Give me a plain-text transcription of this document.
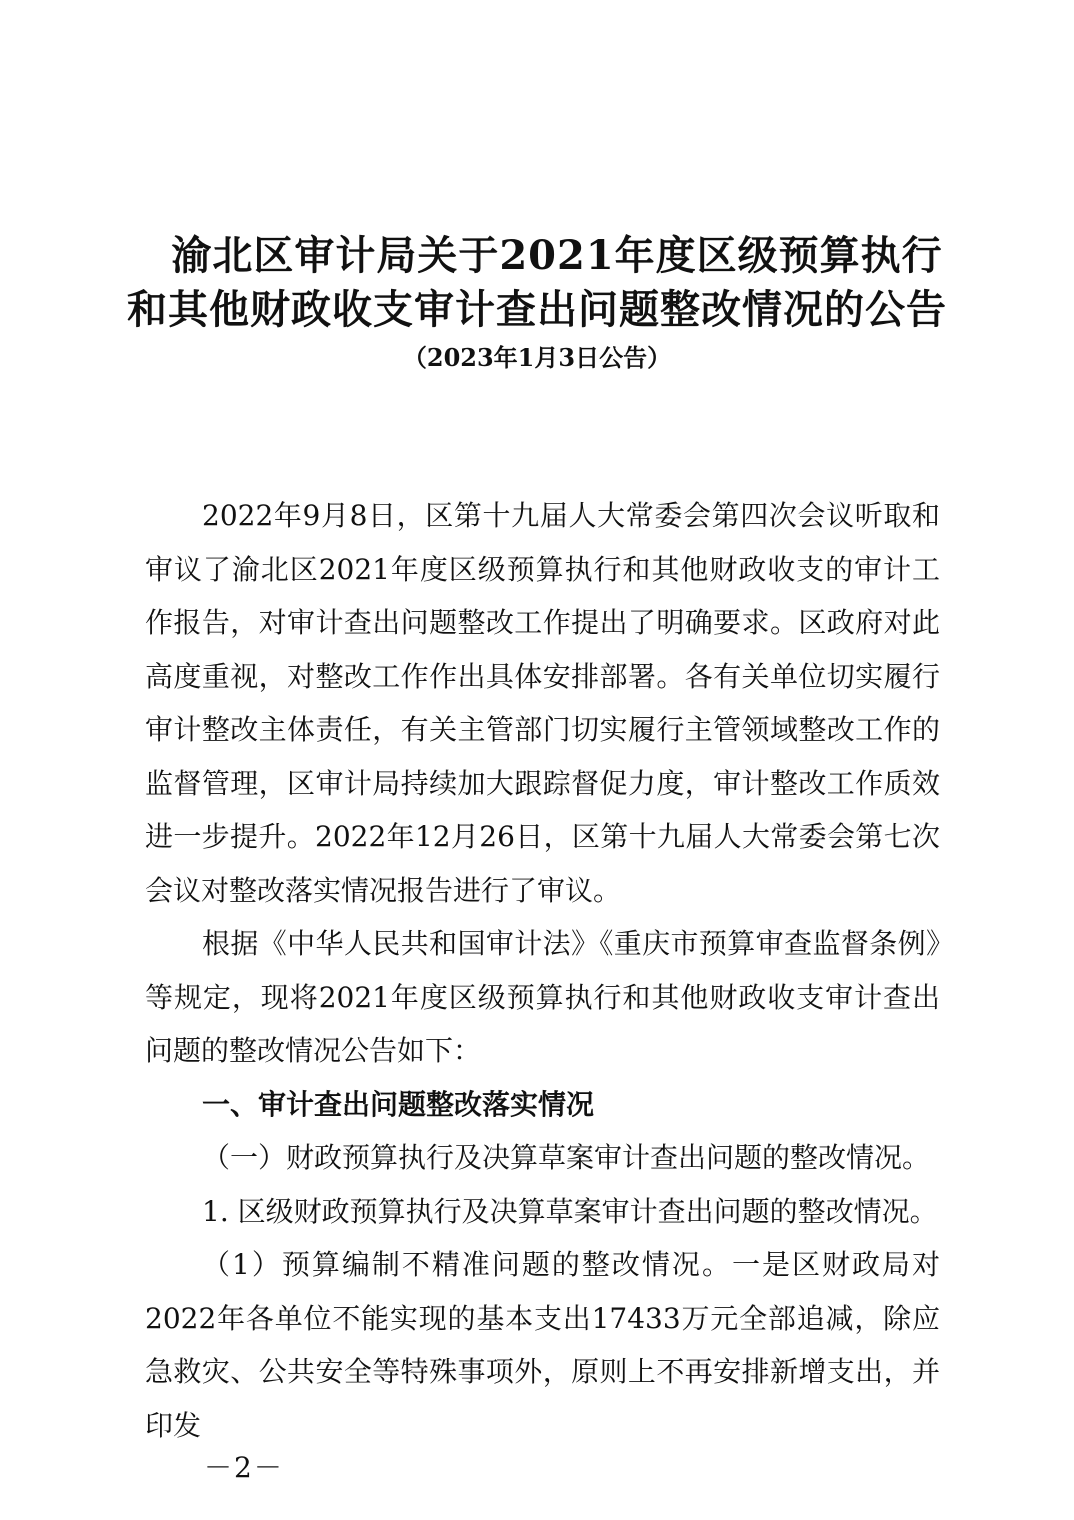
渝北区审计局关于2021年度区级预算执行
和其他财政收支审计查出问题整改情况的公告
（2023年1月3日公告）

2022年9月8日，区第十九届人大常委会第四次会议听取和审议了渝北区2021年度区级预算执行和其他财政收支的审计工作报告，对审计查出问题整改工作提出了明确要求。区政府对此高度重视，对整改工作作出具体安排部署。各有关单位切实履行审计整改主体责任，有关主管部门切实履行主管领域整改工作的监督管理，区审计局持续加大跟踪督促力度，审计整改工作质效进一步提升。2022年12月26日，区第十九届人大常委会第七次会议对整改落实情况报告进行了审议。

根据《中华人民共和国审计法》《重庆市预算审查监督条例》等规定，现将2021年度区级预算执行和其他财政收支审计查出问题的整改情况公告如下：

一、审计查出问题整改落实情况

（一）财政预算执行及决算草案审计查出问题的整改情况。

1. 区级财政预算执行及决算草案审计查出问题的整改情况。

（1）预算编制不精准问题的整改情况。一是区财政局对2022年各单位不能实现的基本支出17433万元全部追减，除应急救灾、公共安全等特殊事项外，原则上不再安排新增支出，并印发

－2－
